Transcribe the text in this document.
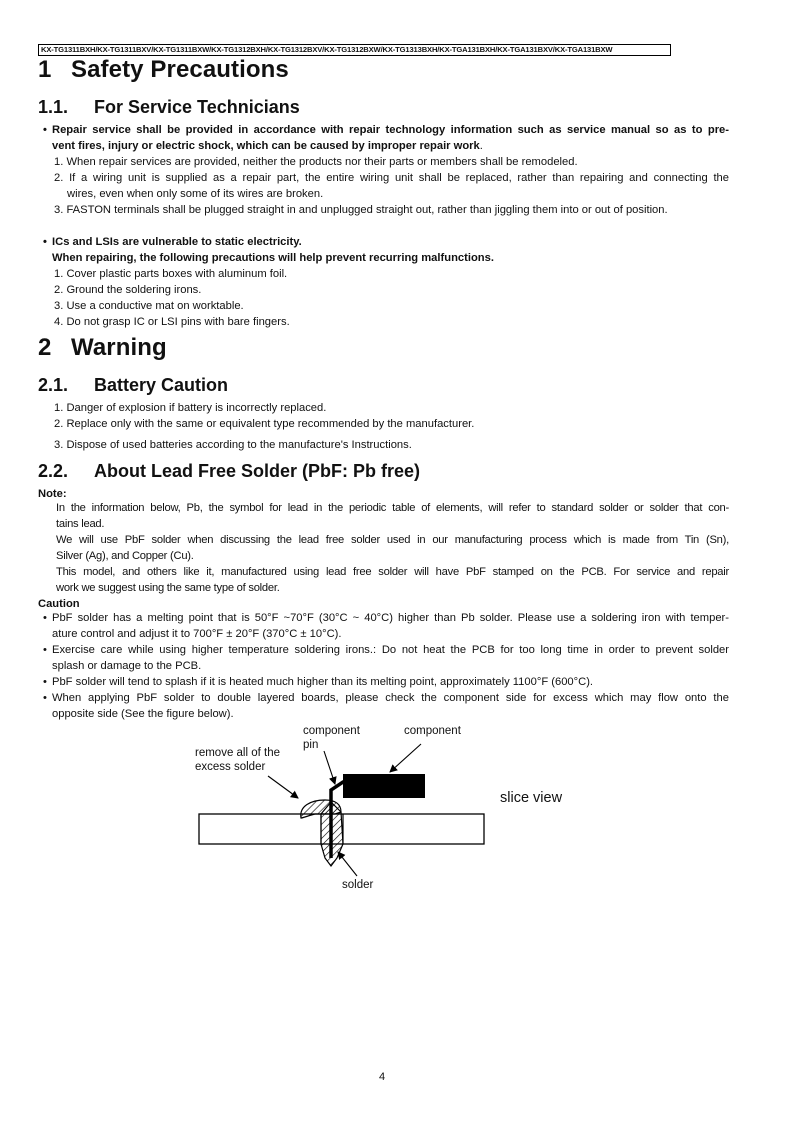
KX-TG1311BXH/KX-TG1311BXV/KX-TG1311BXW/KX-TG1312BXH/KX-TG1312BXV/KX-TG1312BXW/KX-TG1313BXH/KX-TGA131BXH/KX-TGA131BXV/KX-TGA131BXW
1 Safety Precautions
1.1. For Service Technicians
• Repair service shall be provided in accordance with repair technology information such as service manual so as to pre-
vent fires, injury or electric shock, which can be caused by improper repair work.
1. When repair services are provided, neither the products nor their parts or members shall be remodeled.
2. If a wiring unit is supplied as a repair part, the entire wiring unit shall be replaced, rather than repairing and connecting the
wires, even when only some of its wires are broken.
3. FASTON terminals shall be plugged straight in and unplugged straight out, rather than jiggling them into or out of position.
• ICs and LSIs are vulnerable to static electricity.
When repairing, the following precautions will help prevent recurring malfunctions.
1. Cover plastic parts boxes with aluminum foil.
2. Ground the soldering irons.
3. Use a conductive mat on worktable.
4. Do not grasp IC or LSI pins with bare fingers.
2 Warning
2.1. Battery Caution
1. Danger of explosion if battery is incorrectly replaced.
2. Replace only with the same or equivalent type recommended by the manufacturer.
3. Dispose of used batteries according to the manufacture's Instructions.
2.2. About Lead Free Solder (PbF: Pb free)
Note:
In the information below, Pb, the symbol for lead in the periodic table of elements, will refer to standard solder or solder that con-
tains lead.
We will use PbF solder when discussing the lead free solder used in our manufacturing process which is made from Tin (Sn),
Silver (Ag), and Copper (Cu).
This model, and others like it, manufactured using lead free solder will have PbF stamped on the PCB. For service and repair
work we suggest using the same type of solder.
Caution
• PbF solder has a melting point that is 50°F ~70°F (30°C ~ 40°C) higher than Pb solder. Please use a soldering iron with temper-
ature control and adjust it to 700°F ± 20°F (370°C ± 10°C).
• Exercise care while using higher temperature soldering irons.: Do not heat the PCB for too long time in order to prevent solder
splash or damage to the PCB.
• PbF solder will tend to splash if it is heated much higher than its melting point, approximately 1100°F (600°C).
• When applying PbF solder to double layered boards, please check the component side for excess which may flow onto the
opposite side (See the figure below).
component
pin
component
remove all of the
excess solder
solder
slice view
4
